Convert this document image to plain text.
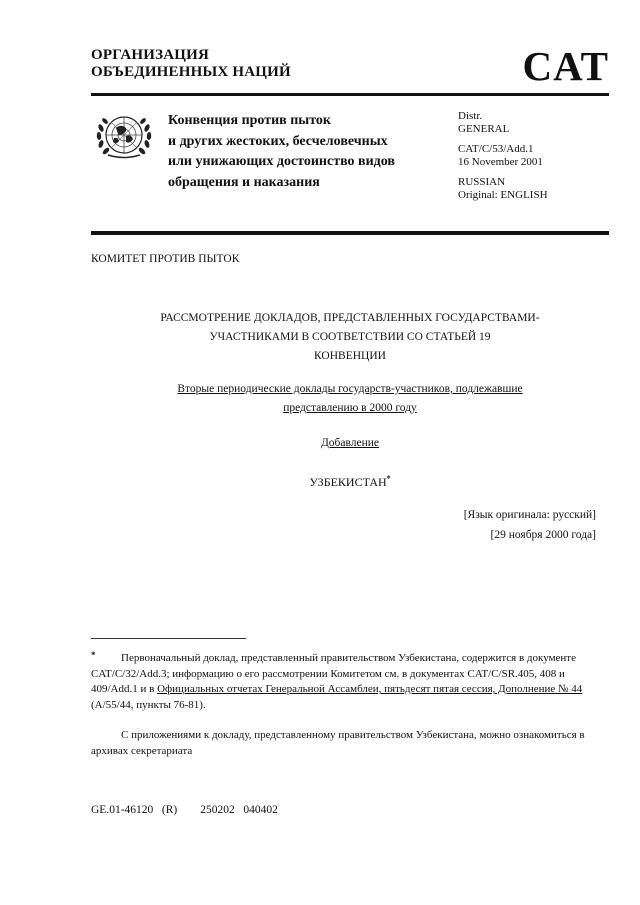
ОРГАНИЗАЦИЯ
ОБЪЕДИНЕННЫХ НАЦИЙ	CAT
Конвенция против пыток
и других жестоких, бесчеловечных
или унижающих достоинство видов
обращения и наказания
Distr.
GENERAL
CAT/C/53/Add.1
16 November 2001
RUSSIAN
Original: ENGLISH
КОМИТЕТ ПРОТИВ ПЫТОК
РАССМОТРЕНИЕ ДОКЛАДОВ, ПРЕДСТАВЛЕННЫХ ГОСУДАРСТВАМИ-
УЧАСТНИКАМИ В СООТВЕТСТВИИ СО СТАТЬЕЙ 19
КОНВЕНЦИИ
Вторые периодические доклады государств-участников, подлежавшие
представлению в 2000 году
Добавление
УЗБЕКИСТАН*
[Язык оригинала: русский]
[29 ноября 2000 года]

* Первоначальный доклад, представленный правительством Узбекистана, содержится в документе CAT/C/32/Add.3; информацию о его рассмотрении Комитетом см. в документах CAT/C/SR.405, 408 и 409/Add.1 и в Официальных отчетах Генеральной Ассамблеи, пятьдесят пятая сессия, Дополнение № 44 (A/55/44, пункты 76-81).

С приложениями к докладу, представленному правительством Узбекистана, можно ознакомиться в архивах секретариата

GE.01-46120 (R) 250202 040402
